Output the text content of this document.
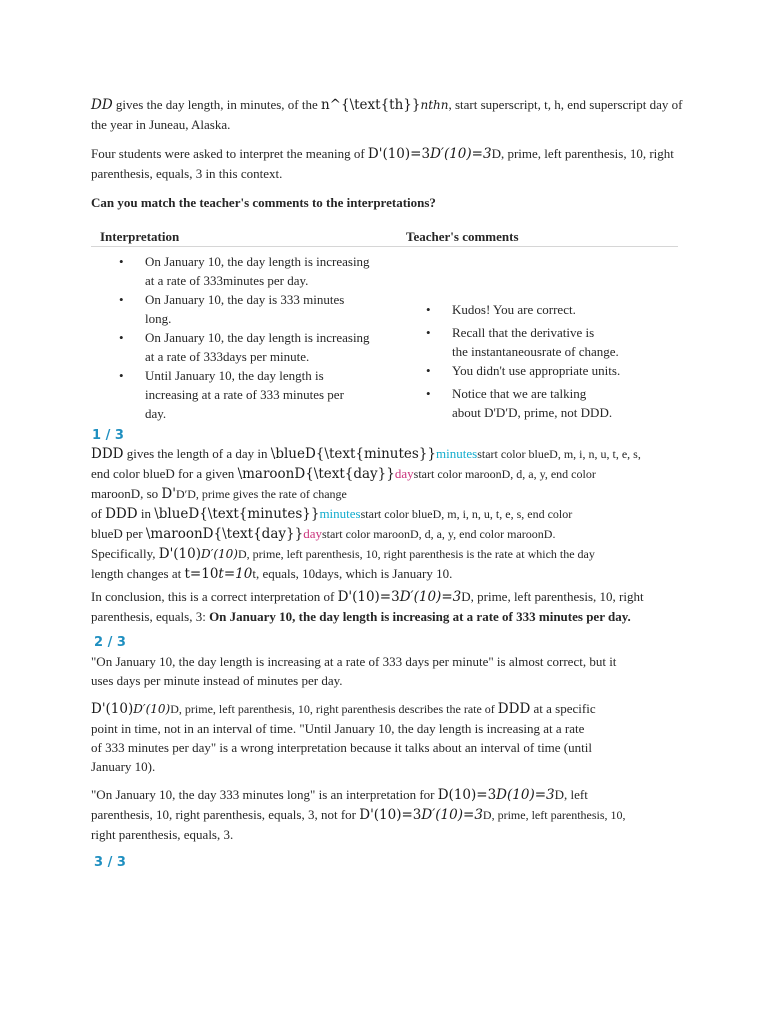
DD gives the day length, in minutes, of the n^{\text{th}}nthn, start superscript, t, h, end superscript day of the year in Juneau, Alaska.
Four students were asked to interpret the meaning of D'(10)=3D′(10)=3D, prime, left parenthesis, 10, right parenthesis, equals, 3 in this context.
Can you match the teacher's comments to the interpretations?
Interpretation	Teacher's comments
• On January 10, the day length is increasing
at a rate of 333minutes per day.
• On January 10, the day is 333 minutes
long.
• On January 10, the day length is increasing
at a rate of 333days per minute.
• Until January 10, the day length is
increasing at a rate of 333 minutes per
day.
• Kudos! You are correct.
• Recall that the derivative is
the instantaneousrate of change.
• You didn't use appropriate units.
• Notice that we are talking
about D'D′D, prime, not DDD.
1 / 3
DDD gives the length of a day in \blueD{\text{minutes}}minutesstart color blueD, m, i, n, u, t, e, s,
end color blueD for a given \maroonD{\text{day}}daystart color maroonD, d, a, y, end color
maroonD, so D'D′D, prime gives the rate of change
of DDD in \blueD{\text{minutes}}minutesstart color blueD, m, i, n, u, t, e, s, end color
blueD per \maroonD{\text{day}}daystart color maroonD, d, a, y, end color maroonD.
Specifically, D'(10)D′(10)D, prime, left parenthesis, 10, right parenthesis is the rate at which the day
length changes at t=10t=10t, equals, 10days, which is January 10.
In conclusion, this is a correct interpretation of D'(10)=3D′(10)=3D, prime, left parenthesis, 10, right
parenthesis, equals, 3: On January 10, the day length is increasing at a rate of 333 minutes per day.
2 / 3
"On January 10, the day length is increasing at a rate of 333 days per minute" is almost correct, but it
uses days per minute instead of minutes per day.
D'(10)D′(10)D, prime, left parenthesis, 10, right parenthesis describes the rate of DDD at a specific
point in time, not in an interval of time. "Until January 10, the day length is increasing at a rate
of 333 minutes per day" is a wrong interpretation because it talks about an interval of time (until
January 10).
"On January 10, the day 333 minutes long" is an interpretation for D(10)=3D(10)=3D, left
parenthesis, 10, right parenthesis, equals, 3, not for D'(10)=3D′(10)=3D, prime, left parenthesis, 10,
right parenthesis, equals, 3.
3 / 3
